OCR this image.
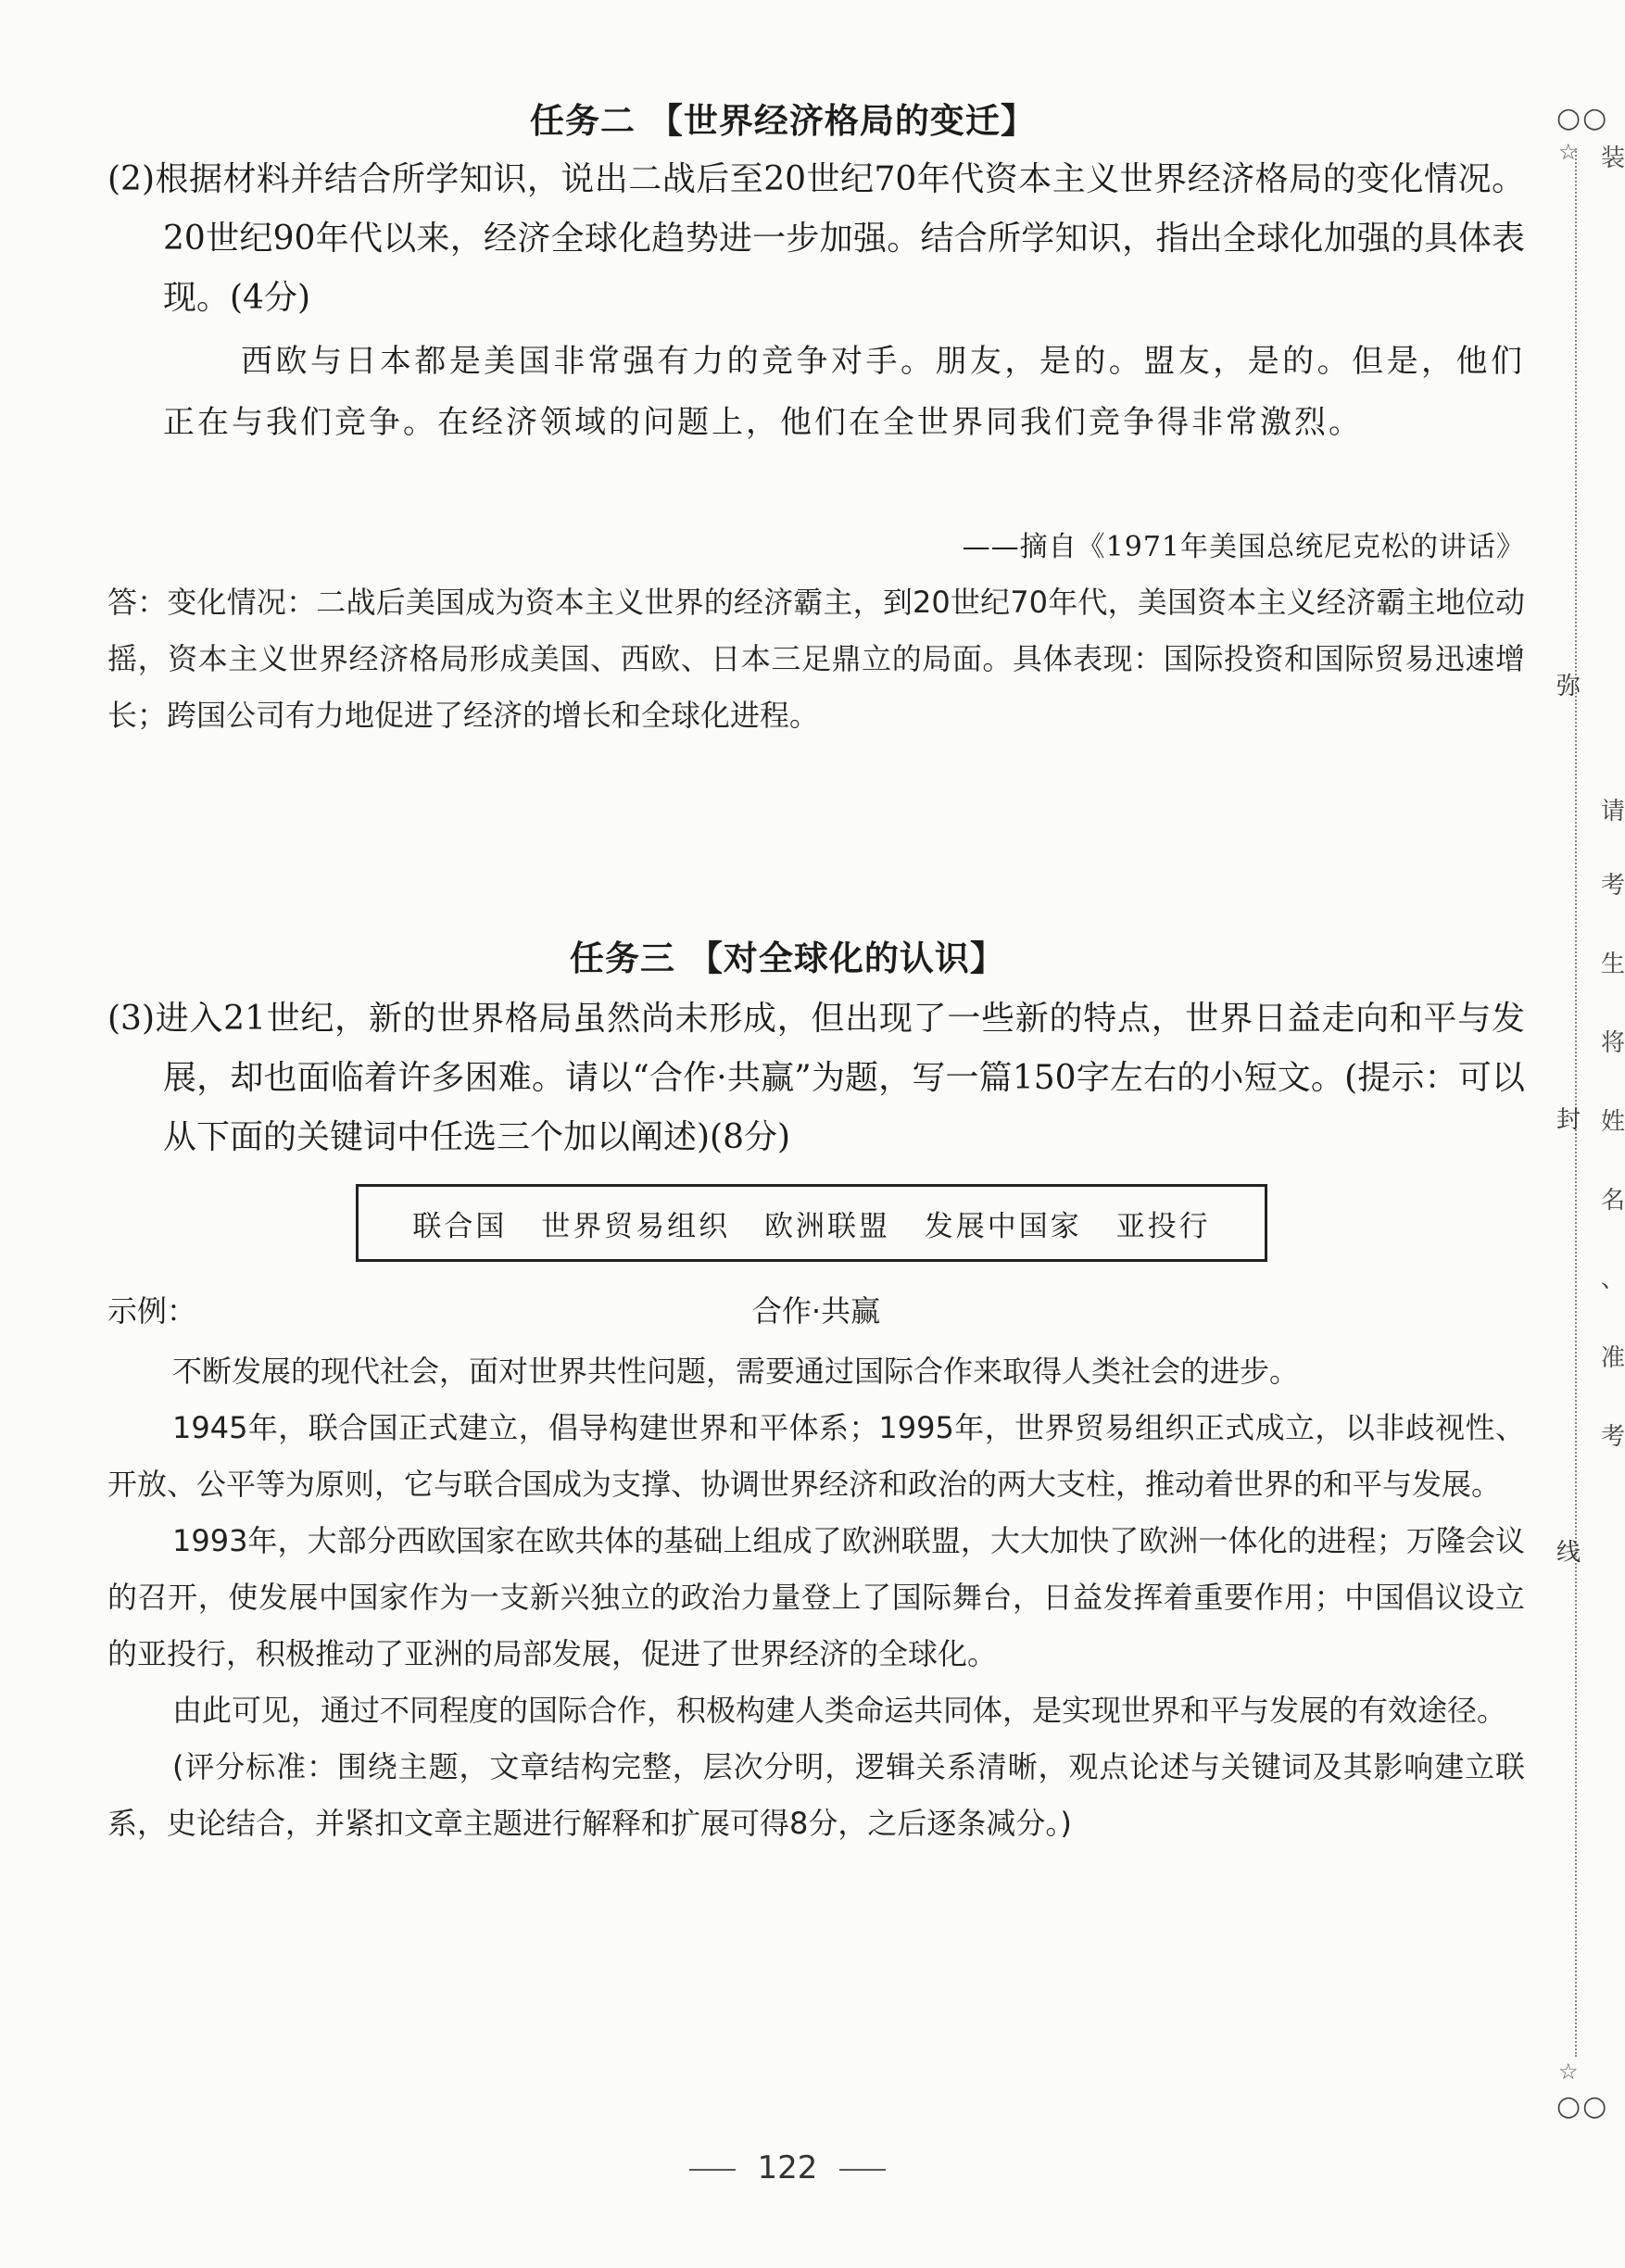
任务二 【世界经济格局的变迁】
(2)根据材料并结合所学知识，说出二战后至20世纪70年代资本主义世界经济格局的变化情况。20世纪90年代以来，经济全球化趋势进一步加强。结合所学知识，指出全球化加强的具体表现。(4分)
西欧与日本都是美国非常强有力的竞争对手。朋友，是的。盟友，是的。但是，他们正在与我们竞争。在经济领域的问题上，他们在全世界同我们竞争得非常激烈。
——摘自《1971年美国总统尼克松的讲话》
答：变化情况：二战后美国成为资本主义世界的经济霸主，到20世纪70年代，美国资本主义经济霸主地位动摇，资本主义世界经济格局形成美国、西欧、日本三足鼎立的局面。具体表现：国际投资和国际贸易迅速增长；跨国公司有力地促进了经济的增长和全球化进程。
任务三 【对全球化的认识】
(3)进入21世纪，新的世界格局虽然尚未形成，但出现了一些新的特点，世界日益走向和平与发展，却也面临着许多困难。请以“合作·共赢”为题，写一篇150字左右的小短文。(提示：可以从下面的关键词中任选三个加以阐述)(8分)
联合国 世界贸易组织 欧洲联盟 发展中国家 亚投行
示例：	合作·共赢

不断发展的现代社会，面对世界共性问题，需要通过国际合作来取得人类社会的进步。

1945年，联合国正式建立，倡导构建世界和平体系；1995年，世界贸易组织正式成立，以非歧视性、开放、公平等为原则，它与联合国成为支撑、协调世界经济和政治的两大支柱，推动着世界的和平与发展。

1993年，大部分西欧国家在欧共体的基础上组成了欧洲联盟，大大加快了欧洲一体化的进程；万隆会议的召开，使发展中国家作为一支新兴独立的政治力量登上了国际舞台，日益发挥着重要作用；中国倡议设立的亚投行，积极推动了亚洲的局部发展，促进了世界经济的全球化。

由此可见，通过不同程度的国际合作，积极构建人类命运共同体，是实现世界和平与发展的有效途径。

(评分标准：围绕主题，文章结构完整，层次分明，逻辑关系清晰，观点论述与关键词及其影响建立联系，史论结合，并紧扣文章主题进行解释和扩展可得8分，之后逐条减分。)

122
○○
☆
弥
封
线
装
请
考
生
将
姓
名
、
准
考
☆
○○
